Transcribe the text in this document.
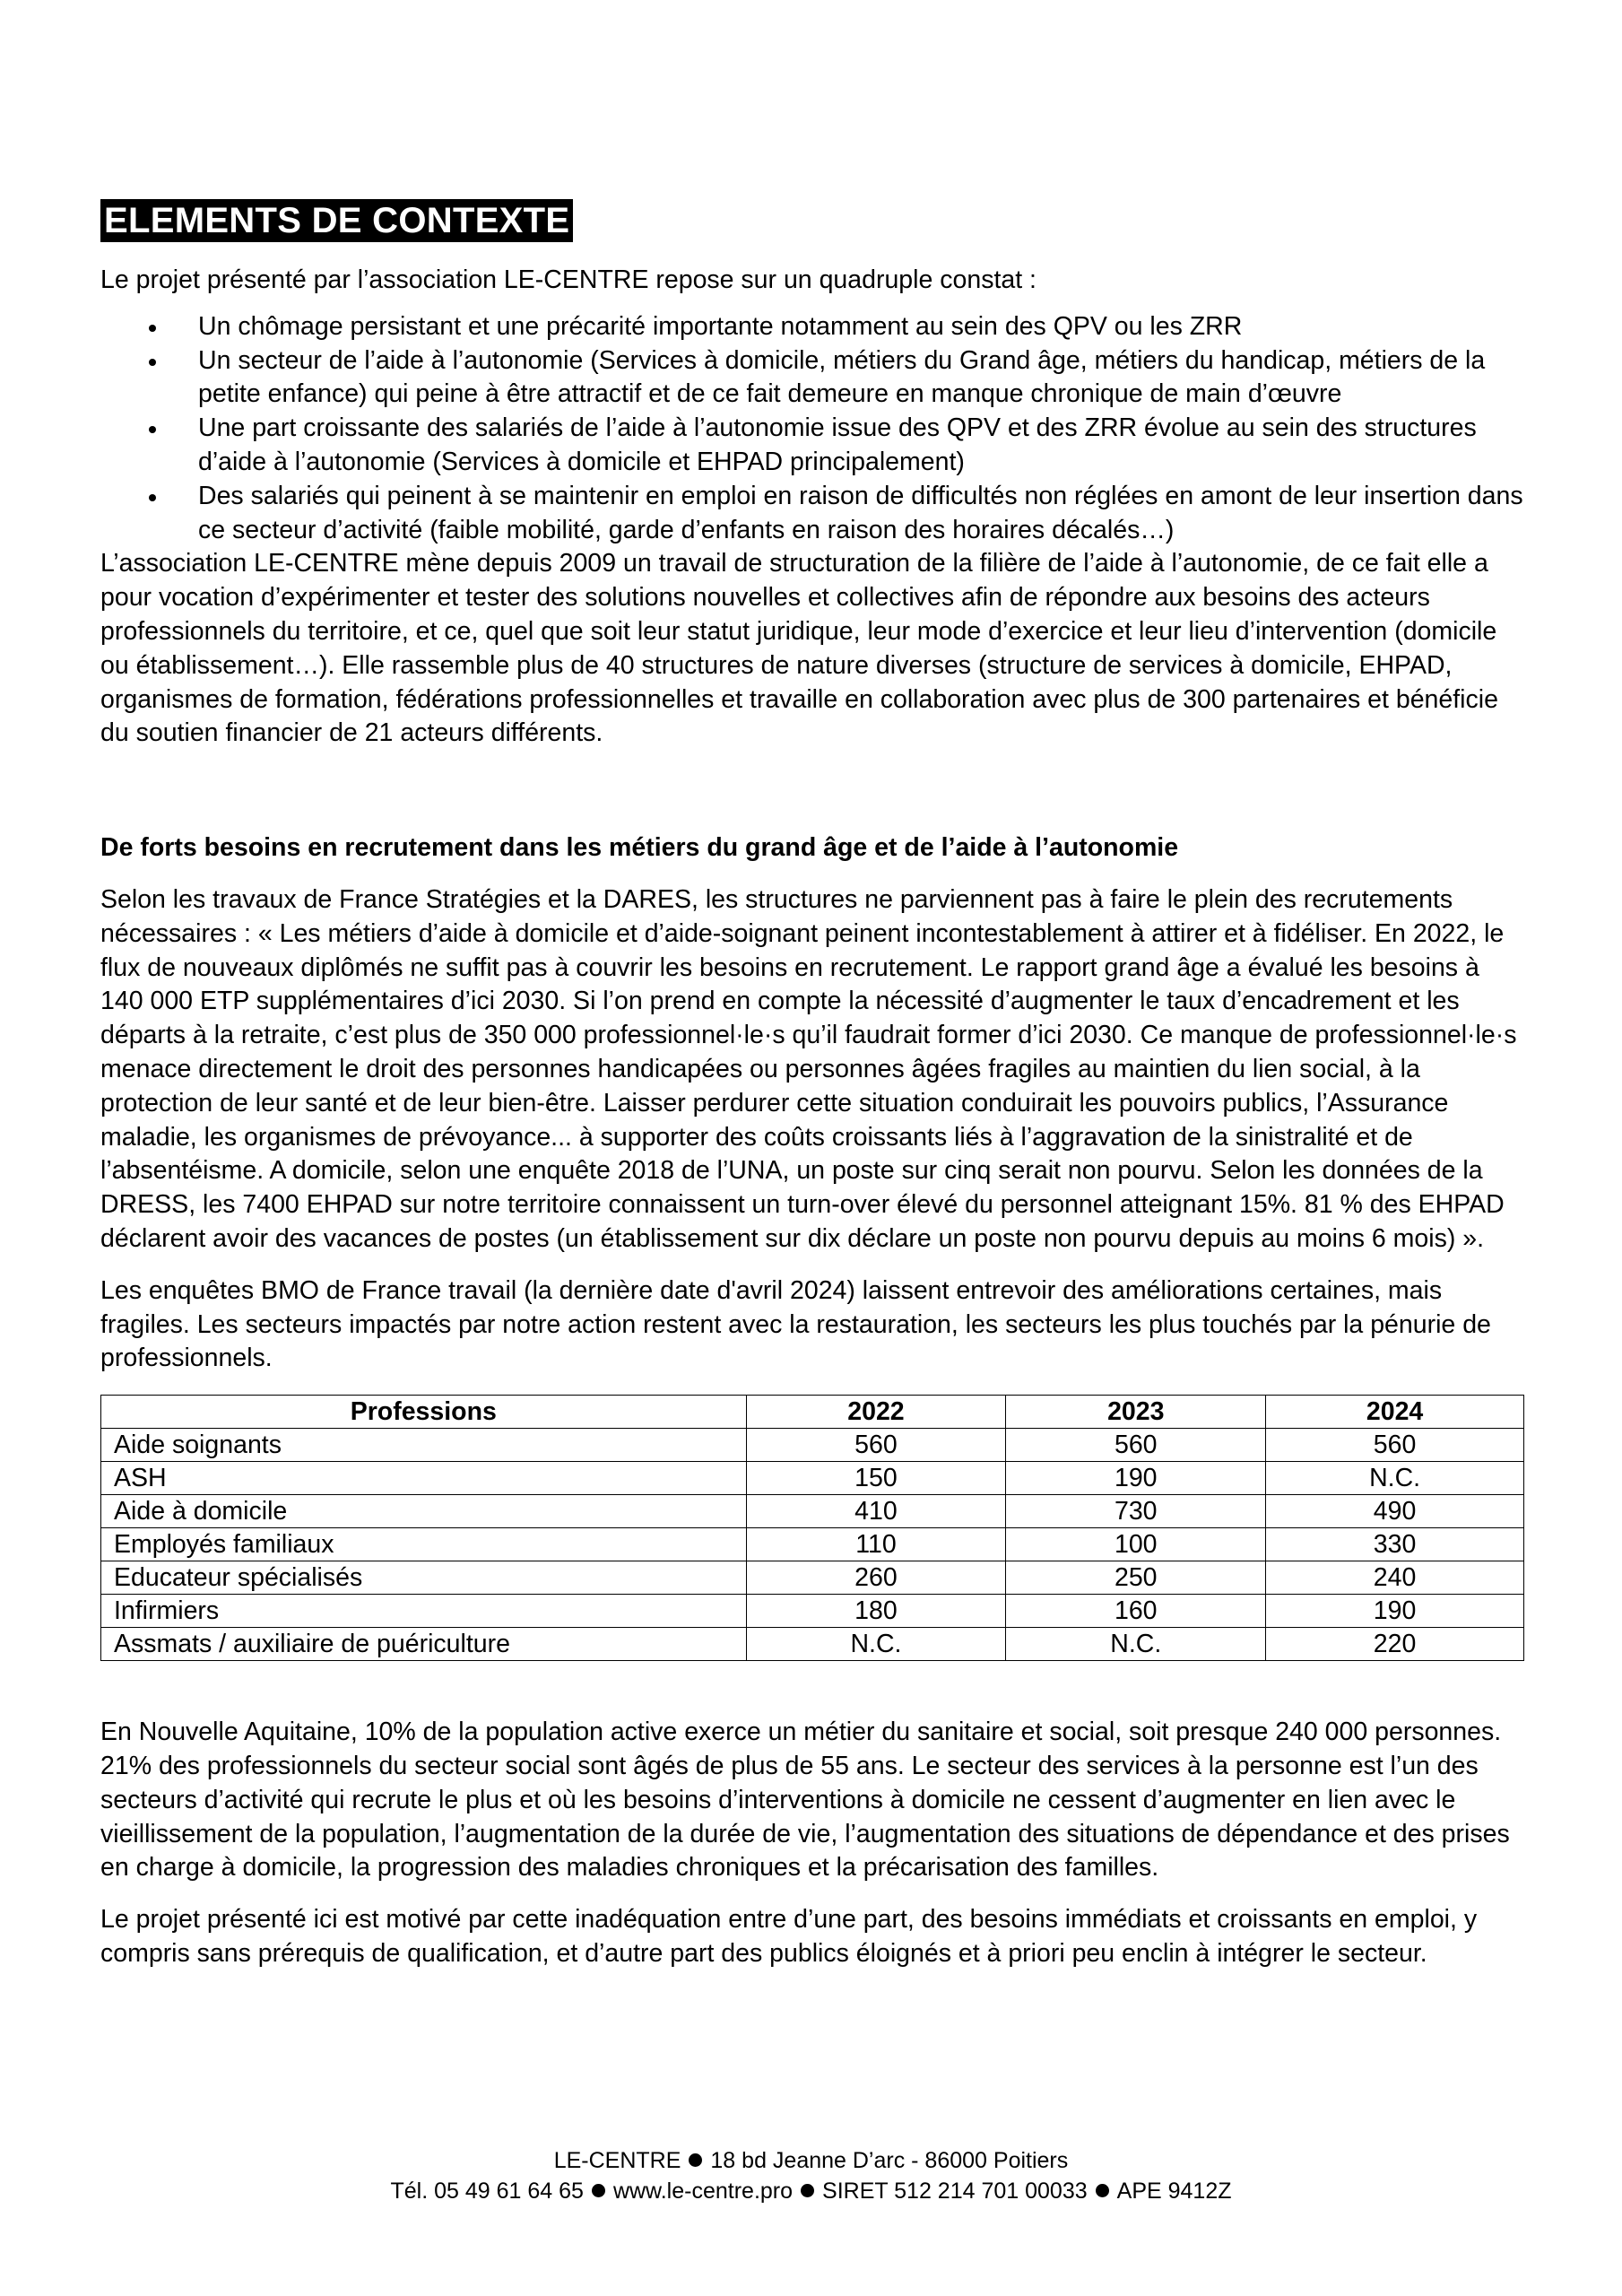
ELEMENTS DE CONTEXTE

Le projet présenté par l’association LE-CENTRE repose sur un quadruple constat :

Un chômage persistant et une précarité importante notamment au sein des QPV ou les ZRR
Un secteur de l’aide à l’autonomie (Services à domicile, métiers du Grand âge, métiers du handicap, métiers de la petite enfance) qui peine à être attractif et de ce fait demeure en manque chronique de main d’œuvre
Une part croissante des salariés de l’aide à l’autonomie issue des QPV et des ZRR évolue au sein des structures d’aide à l’autonomie (Services à domicile et EHPAD principalement)
Des salariés qui peinent à se maintenir en emploi en raison de difficultés non réglées en amont de leur insertion dans ce secteur d’activité (faible mobilité, garde d’enfants en raison des horaires décalés…)

L’association LE-CENTRE mène depuis 2009 un travail de structuration de la filière de l’aide à l’autonomie, de ce fait elle a pour vocation d’expérimenter et tester des solutions nouvelles et collectives afin de répondre aux besoins des acteurs professionnels du territoire, et ce, quel que soit leur statut juridique, leur mode d’exercice et leur lieu d’intervention (domicile ou établissement…). Elle rassemble plus de 40 structures de nature diverses (structure de services à domicile, EHPAD, organismes de formation, fédérations professionnelles et travaille en collaboration avec plus de 300 partenaires et bénéficie du soutien financier de 21 acteurs différents.

De forts besoins en recrutement dans les métiers du grand âge et de l’aide à l’autonomie

Selon les travaux de France Stratégies et la DARES, les structures ne parviennent pas à faire le plein des recrutements nécessaires : « Les métiers d’aide à domicile et d’aide-soignant peinent incontestablement à attirer et à fidéliser. En 2022, le flux de nouveaux diplômés ne suffit pas à couvrir les besoins en recrutement. Le rapport grand âge a évalué les besoins à 140 000 ETP supplémentaires d’ici 2030. Si l’on prend en compte la nécessité d’augmenter le taux d’encadrement et les départs à la retraite, c’est plus de 350 000 professionnel·le·s qu’il faudrait former d’ici 2030. Ce manque de professionnel·le·s menace directement le droit des personnes handicapées ou personnes âgées fragiles au maintien du lien social, à la protection de leur santé et de leur bien-être. Laisser perdurer cette situation conduirait les pouvoirs publics, l’Assurance maladie, les organismes de prévoyance... à supporter des coûts croissants liés à l’aggravation de la sinistralité et de l’absentéisme. A domicile, selon une enquête 2018 de l’UNA, un poste sur cinq serait non pourvu. Selon les données de la DRESS, les 7400 EHPAD sur notre territoire connaissent un turn-over élevé du personnel atteignant 15%. 81 % des EHPAD déclarent avoir des vacances de postes (un établissement sur dix déclare un poste non pourvu depuis au moins 6 mois) ».

Les enquêtes BMO de France travail (la dernière date d'avril 2024) laissent entrevoir des améliorations certaines, mais fragiles. Les secteurs impactés par notre action restent avec la restauration, les secteurs les plus touchés par la pénurie de professionnels.

Professions	2022	2023	2024
Aide soignants	560	560	560
ASH	150	190	N.C.
Aide à domicile	410	730	490
Employés familiaux	110	100	330
Educateur spécialisés	260	250	240
Infirmiers	180	160	190
Assmats / auxiliaire de puériculture	N.C.	N.C.	220

En Nouvelle Aquitaine, 10% de la population active exerce un métier du sanitaire et social, soit presque 240 000 personnes. 21% des professionnels du secteur social sont âgés de plus de 55 ans. Le secteur des services à la personne est l’un des secteurs d’activité qui recrute le plus et où les besoins d’interventions à domicile ne cessent d’augmenter en lien avec le vieillissement de la population, l’augmentation de la durée de vie, l’augmentation des situations de dépendance et des prises en charge à domicile, la progression des maladies chroniques et la précarisation des familles.

Le projet présenté ici est motivé par cette inadéquation entre d’une part, des besoins immédiats et croissants en emploi, y compris sans prérequis de qualification, et d’autre part des publics éloignés et à priori peu enclin à intégrer le secteur.

LE-CENTRE 18 bd Jeanne D’arc - 86000 Poitiers
Tél. 05 49 61 64 65 www.le-centre.pro SIRET 512 214 701 00033 APE 9412Z
